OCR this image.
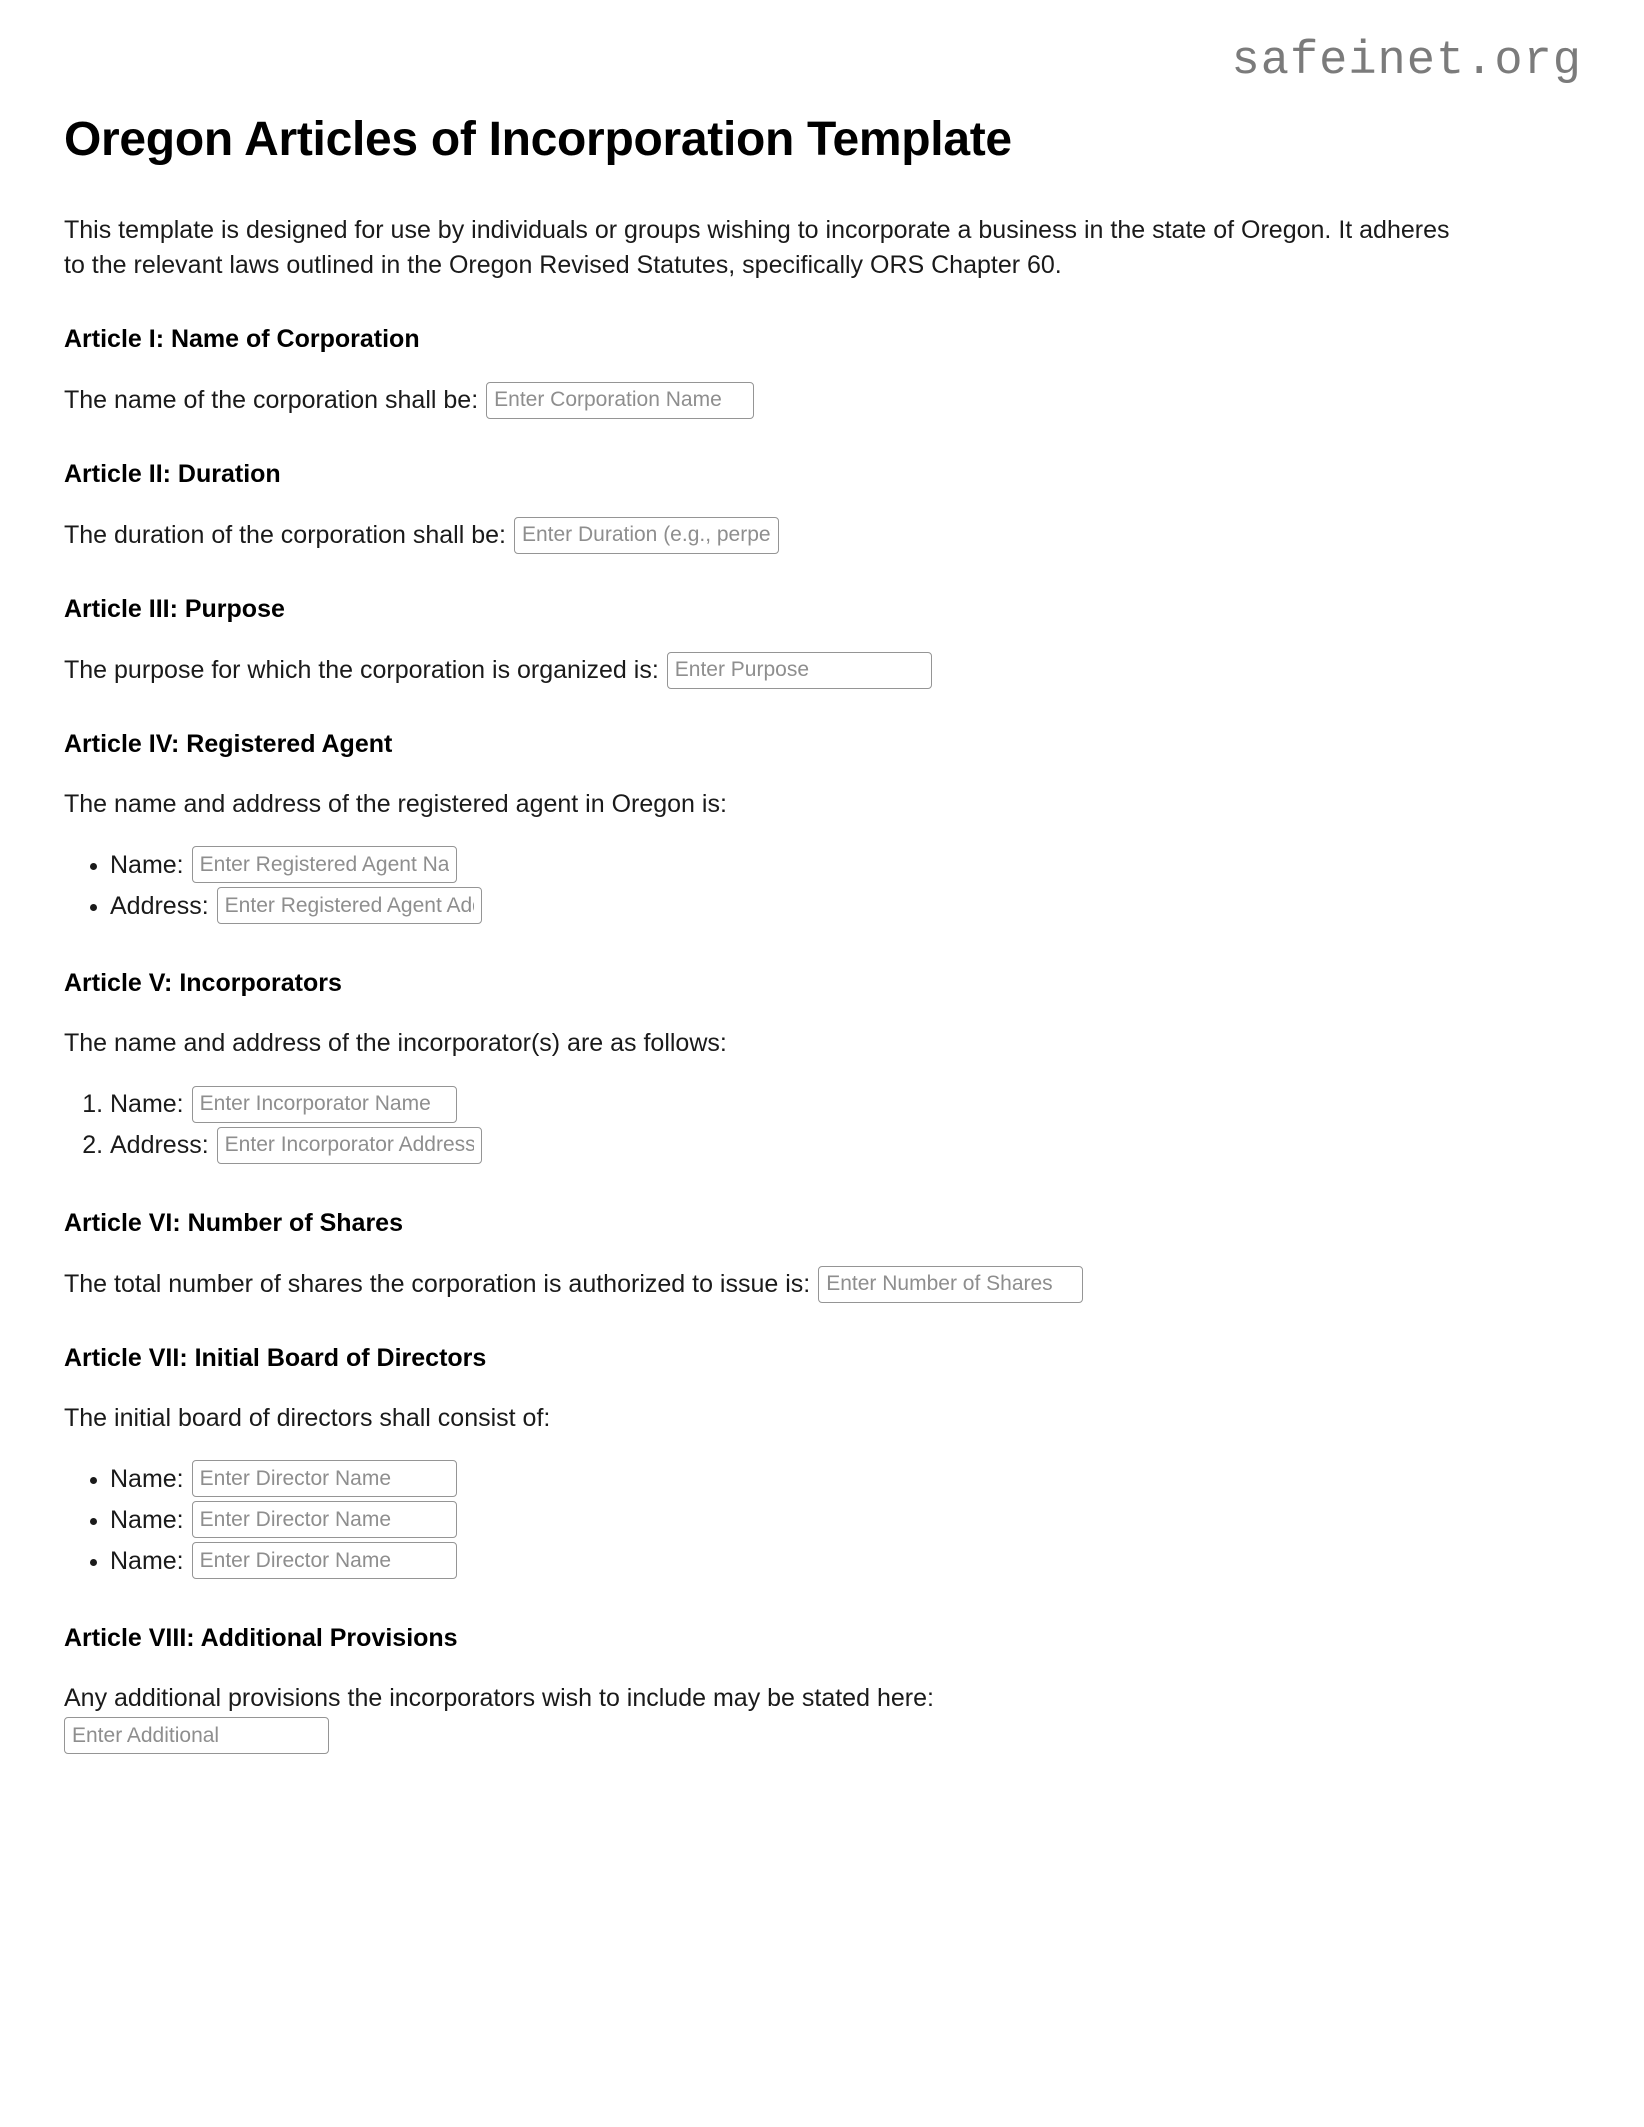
safeinet.org
Oregon Articles of Incorporation Template

This template is designed for use by individuals or groups wishing to incorporate a business in the state of Oregon. It adheres to the relevant laws outlined in the Oregon Revised Statutes, specifically ORS Chapter 60.

Article I: Name of Corporation
The name of the corporation shall be:
Enter Corporation Name
Article II: Duration
The duration of the corporation shall be:
Enter Duration (e.g., perpetual)
Article III: Purpose
The purpose for which the corporation is organized is:
Enter Purpose
Article IV: Registered Agent

The name and address of the registered agent in Oregon is:

• Name:
Enter Registered Agent Name
• Address:
Enter Registered Agent Address
Article V: Incorporators

The name and address of the incorporator(s) are as follows:

1. Name:
Enter Incorporator Name
2. Address:
Enter Incorporator Address
Article VI: Number of Shares
The total number of shares the corporation is authorized to issue is:
Enter Number of Shares
Article VII: Initial Board of Directors

The initial board of directors shall consist of:

• Name:
Enter Director Name
• Name:
Enter Director Name
• Name:
Enter Director Name
Article VIII: Additional Provisions

Any additional provisions the incorporators wish to include may be stated here:

Enter Additional Provisions
